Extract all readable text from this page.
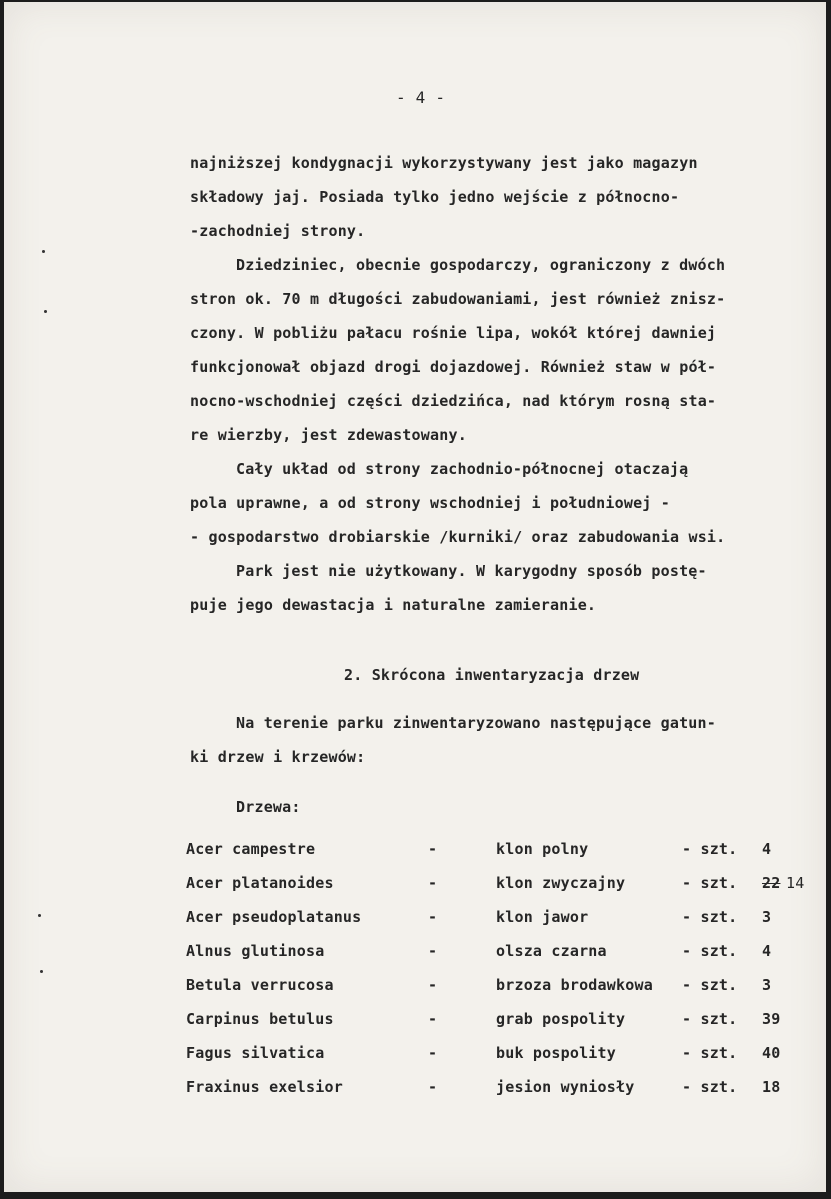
- 4 -
najniższej kondygnacji wykorzystywany jest jako magazyn
składowy jaj. Posiada tylko jedno wejście z północno-
-zachodniej strony.
Dziedziniec, obecnie gospodarczy, ograniczony z dwóch
stron ok. 70 m długości zabudowaniami, jest również znisz-
czony. W pobliżu pałacu rośnie lipa, wokół której dawniej
funkcjonował objazd drogi dojazdowej. Również staw w pół-
nocno-wschodniej części dziedzińca, nad którym rosną sta-
re wierzby, jest zdewastowany.
Cały układ od strony zachodnio-północnej otaczają
pola uprawne, a od strony wschodniej i południowej -
- gospodarstwo drobiarskie /kurniki/ oraz zabudowania wsi.
Park jest nie użytkowany. W karygodny sposób postę-
puje jego dewastacja i naturalne zamieranie.
2. Skrócona inwentaryzacja drzew
Na terenie parku zinwentaryzowano następujące gatun-
ki drzew i krzewów:
Drzewa:
Acer campestre	-	klon polny	- szt. 4
Acer platanoides	-	klon zwyczajny	- szt. 22 14
Acer pseudoplatanus	-	klon jawor	- szt. 3
Alnus glutinosa	-	olsza czarna	- szt. 4
Betula verrucosa	-	brzoza brodawkowa - szt. 3
Carpinus betulus	-	grab pospolity	- szt. 39
Fagus silvatica	-	buk pospolity	- szt. 40
Fraxinus exelsior	-	jesion wyniosły	- szt. 18
